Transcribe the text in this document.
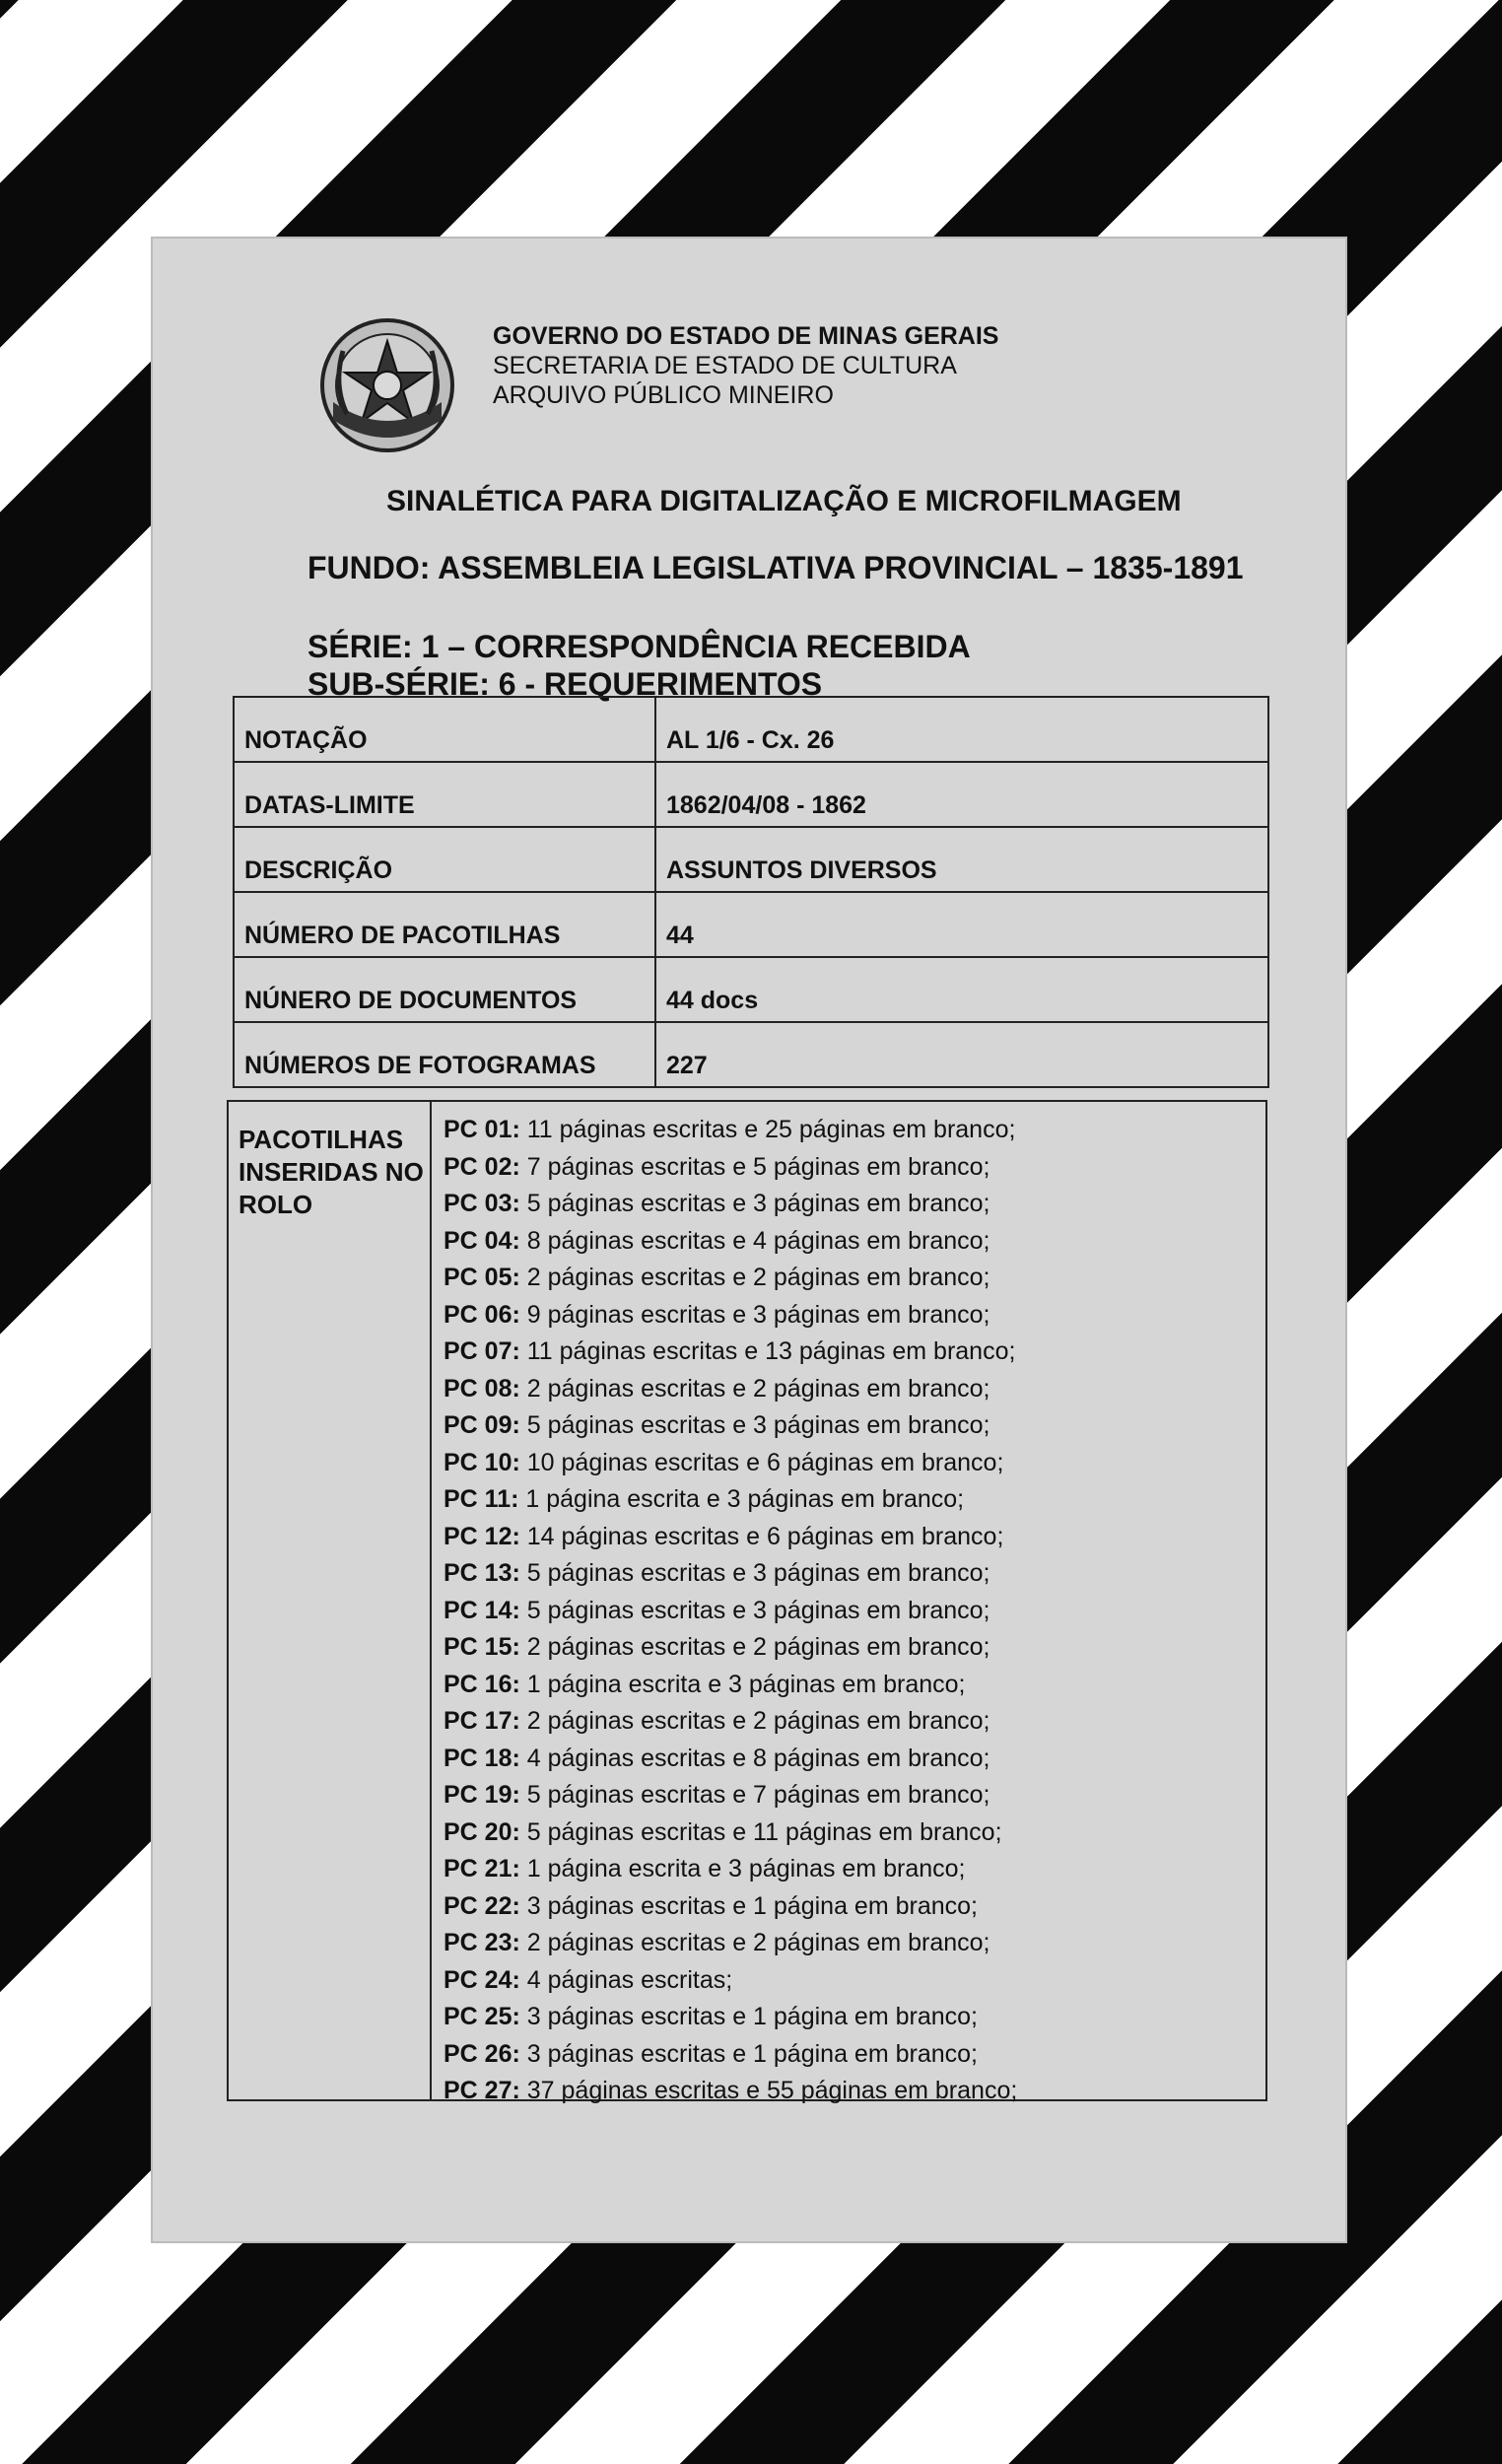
GOVERNO DO ESTADO DE MINAS GERAIS
SECRETARIA DE ESTADO DE CULTURA
ARQUIVO PÚBLICO MINEIRO
SINALÉTICA PARA DIGITALIZAÇÃO E MICROFILMAGEM
FUNDO: ASSEMBLEIA LEGISLATIVA PROVINCIAL – 1835-1891
SÉRIE: 1 – CORRESPONDÊNCIA RECEBIDA
SUB-SÉRIE: 6 - REQUERIMENTOS
NOTAÇÃO	AL 1/6 - Cx. 26
DATAS-LIMITE	1862/04/08 - 1862
DESCRIÇÃO	ASSUNTOS DIVERSOS
NÚMERO DE PACOTILHAS	44
NÚNERO DE DOCUMENTOS	44 docs
NÚMEROS DE FOTOGRAMAS	227
PACOTILHAS INSERIDAS NO ROLO
PC 01: 11 páginas escritas e 25 páginas em branco;
PC 02: 7 páginas escritas e 5 páginas em branco;
PC 03: 5 páginas escritas e 3 páginas em branco;
PC 04: 8 páginas escritas e 4 páginas em branco;
PC 05: 2 páginas escritas e 2 páginas em branco;
PC 06: 9 páginas escritas e 3 páginas em branco;
PC 07: 11 páginas escritas e 13 páginas em branco;
PC 08: 2 páginas escritas e 2 páginas em branco;
PC 09: 5 páginas escritas e 3 páginas em branco;
PC 10: 10 páginas escritas e 6 páginas em branco;
PC 11: 1 página escrita e 3 páginas em branco;
PC 12: 14 páginas escritas e 6 páginas em branco;
PC 13: 5 páginas escritas e 3 páginas em branco;
PC 14: 5 páginas escritas e 3 páginas em branco;
PC 15: 2 páginas escritas e 2 páginas em branco;
PC 16: 1 página escrita e 3 páginas em branco;
PC 17: 2 páginas escritas e 2 páginas em branco;
PC 18: 4 páginas escritas e 8 páginas em branco;
PC 19: 5 páginas escritas e 7 páginas em branco;
PC 20: 5 páginas escritas e 11 páginas em branco;
PC 21: 1 página escrita e 3 páginas em branco;
PC 22: 3 páginas escritas e 1 página em branco;
PC 23: 2 páginas escritas e 2 páginas em branco;
PC 24: 4 páginas escritas;
PC 25: 3 páginas escritas e 1 página em branco;
PC 26: 3 páginas escritas e 1 página em branco;
PC 27: 37 páginas escritas e 55 páginas em branco;
